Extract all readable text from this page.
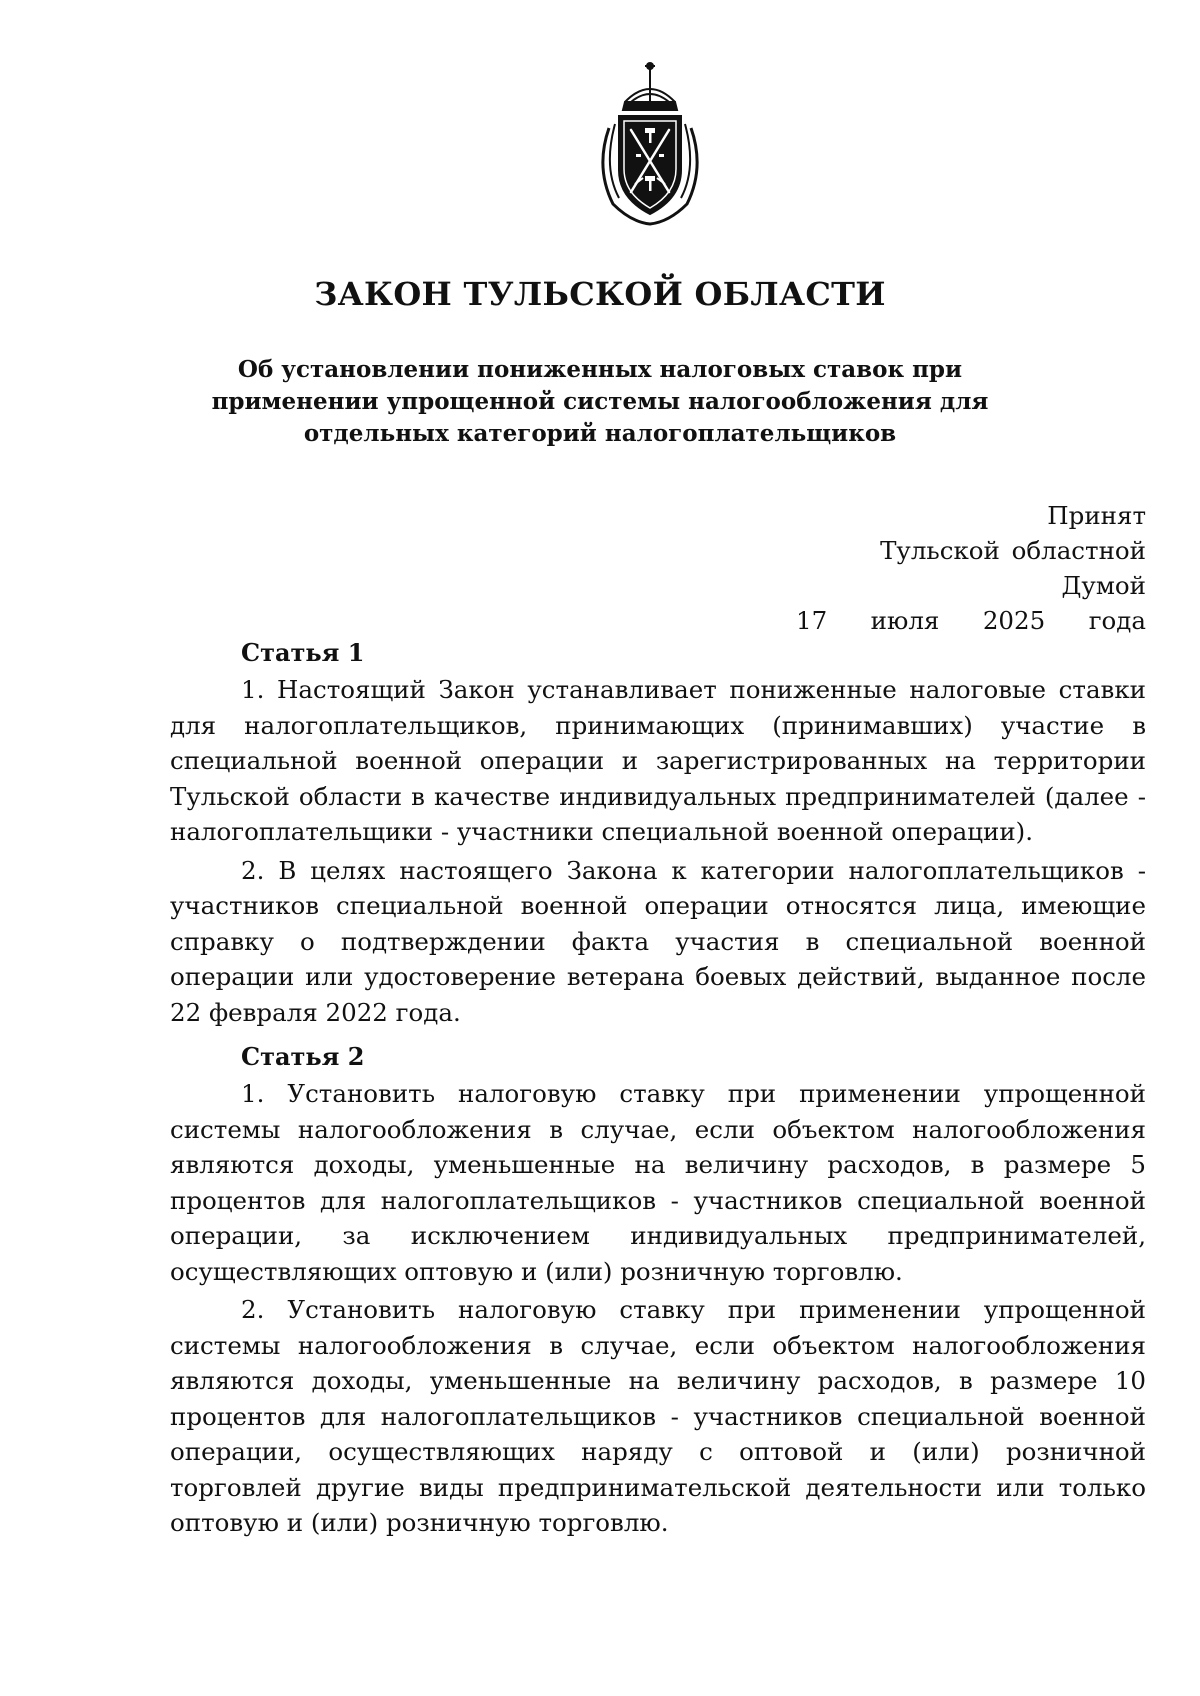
ЗАКОН ТУЛЬСКОЙ ОБЛАСТИ
Об установлении пониженных налоговых ставок при применении упрощенной системы налогообложения для отдельных категорий налогоплательщиков
Принят
Тульской областной Думой
17 июля 2025 года
Статья 1

1. Настоящий Закон устанавливает пониженные налоговые ставки для налогоплательщиков, принимающих (принимавших) участие в специальной военной операции и зарегистрированных на территории Тульской области в качестве индивидуальных предпринимателей (далее - налогоплательщики - участники специальной военной операции).

2. В целях настоящего Закона к категории налогоплательщиков - участников специальной военной операции относятся лица, имеющие справку о подтверждении факта участия в специальной военной операции или удостоверение ветерана боевых действий, выданное после 22 февраля 2022 года.

Статья 2

1. Установить налоговую ставку при применении упрощенной системы налогообложения в случае, если объектом налогообложения являются доходы, уменьшенные на величину расходов, в размере 5 процентов для налогоплательщиков - участников специальной военной операции, за исключением индивидуальных предпринимателей, осуществляющих оптовую и (или) розничную торговлю.

2. Установить налоговую ставку при применении упрощенной системы налогообложения в случае, если объектом налогообложения являются доходы, уменьшенные на величину расходов, в размере 10 процентов для налогоплательщиков - участников специальной военной операции, осуществляющих наряду с оптовой и (или) розничной торговлей другие виды предпринимательской деятельности или только оптовую и (или) розничную торговлю.
